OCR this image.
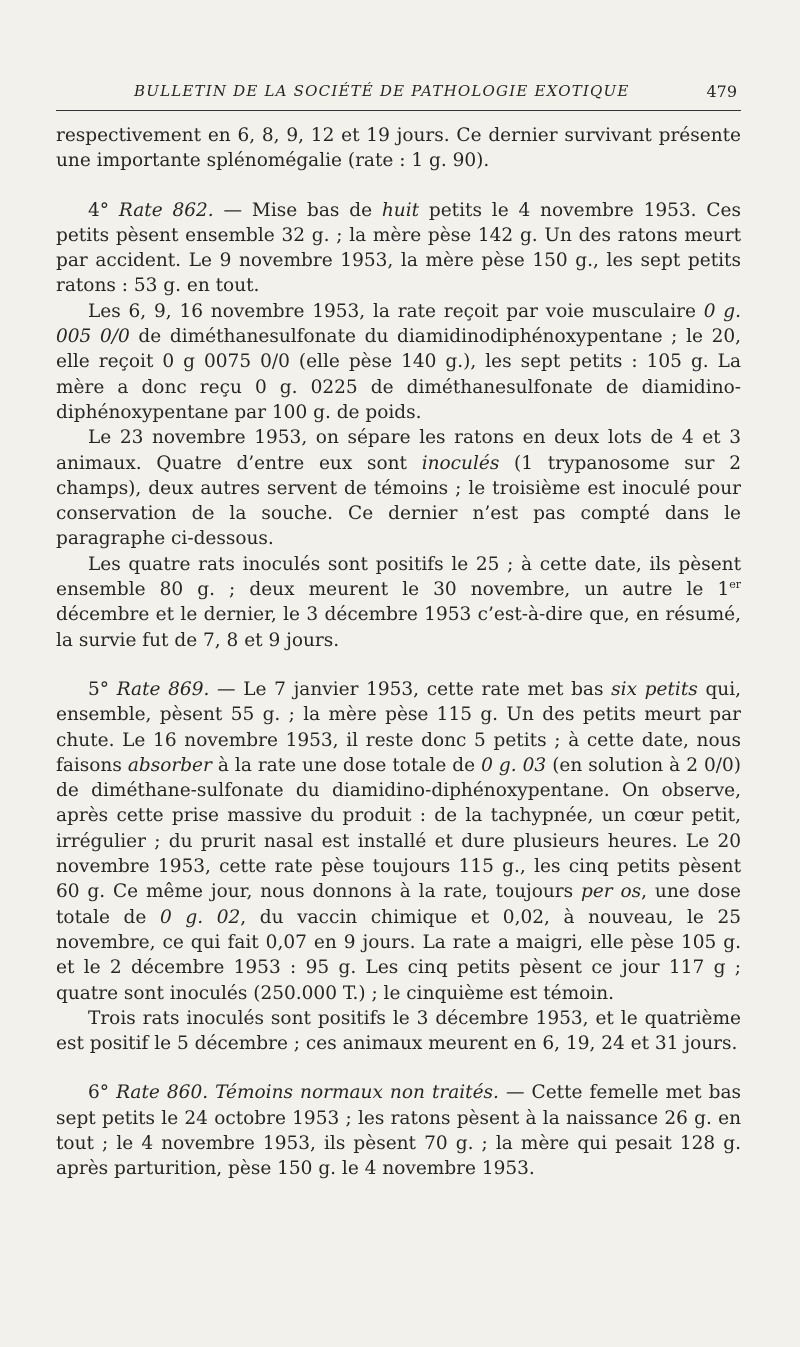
BULLETIN DE LA SOCIÉTÉ DE PATHOLOGIE EXOTIQUE	479

respectivement en 6, 8, 9, 12 et 19 jours. Ce dernier survivant présente une importante splénomégalie (rate : 1 g. 90).

4° Rate 862. — Mise bas de huit petits le 4 novembre 1953. Ces petits pèsent ensemble 32 g. ; la mère pèse 142 g. Un des ratons meurt par accident. Le 9 novembre 1953, la mère pèse 150 g., les sept petits ratons : 53 g. en tout.

Les 6, 9, 16 novembre 1953, la rate reçoit par voie musculaire 0 g. 005 0/0 de diméthanesulfonate du diamidinodiphénoxypentane ; le 20, elle reçoit 0 g 0075 0/0 (elle pèse 140 g.), les sept petits : 105 g. La mère a donc reçu 0 g. 0225 de diméthanesulfonate de diamidino-diphénoxypentane par 100 g. de poids.

Le 23 novembre 1953, on sépare les ratons en deux lots de 4 et 3 animaux. Quatre d’entre eux sont inoculés (1 trypanosome sur 2 champs), deux autres servent de témoins ; le troisième est inoculé pour conservation de la souche. Ce dernier n’est pas compté dans le paragraphe ci-dessous.

Les quatre rats inoculés sont positifs le 25 ; à cette date, ils pèsent ensemble 80 g. ; deux meurent le 30 novembre, un autre le 1er décembre et le dernier, le 3 décembre 1953 c’est-à-dire que, en résumé, la survie fut de 7, 8 et 9 jours.

5° Rate 869. — Le 7 janvier 1953, cette rate met bas six petits qui, ensemble, pèsent 55 g. ; la mère pèse 115 g. Un des petits meurt par chute. Le 16 novembre 1953, il reste donc 5 petits ; à cette date, nous faisons absorber à la rate une dose totale de 0 g. 03 (en solution à 2 0/0) de diméthane-sulfonate du diamidino-diphénoxypentane. On observe, après cette prise massive du produit : de la tachypnée, un cœur petit, irrégulier ; du prurit nasal est installé et dure plusieurs heures. Le 20 novembre 1953, cette rate pèse toujours 115 g., les cinq petits pèsent 60 g. Ce même jour, nous donnons à la rate, toujours per os, une dose totale de 0 g. 02, du vaccin chimique et 0,02, à nouveau, le 25 novembre, ce qui fait 0,07 en 9 jours. La rate a maigri, elle pèse 105 g. et le 2 décembre 1953 : 95 g. Les cinq petits pèsent ce jour 117 g ; quatre sont inoculés (250.000 T.) ; le cinquième est témoin.

Trois rats inoculés sont positifs le 3 décembre 1953, et le quatrième est positif le 5 décembre ; ces animaux meurent en 6, 19, 24 et 31 jours.

6° Rate 860. Témoins normaux non traités. — Cette femelle met bas sept petits le 24 octobre 1953 ; les ratons pèsent à la naissance 26 g. en tout ; le 4 novembre 1953, ils pèsent 70 g. ; la mère qui pesait 128 g. après parturition, pèse 150 g. le 4 novembre 1953.
